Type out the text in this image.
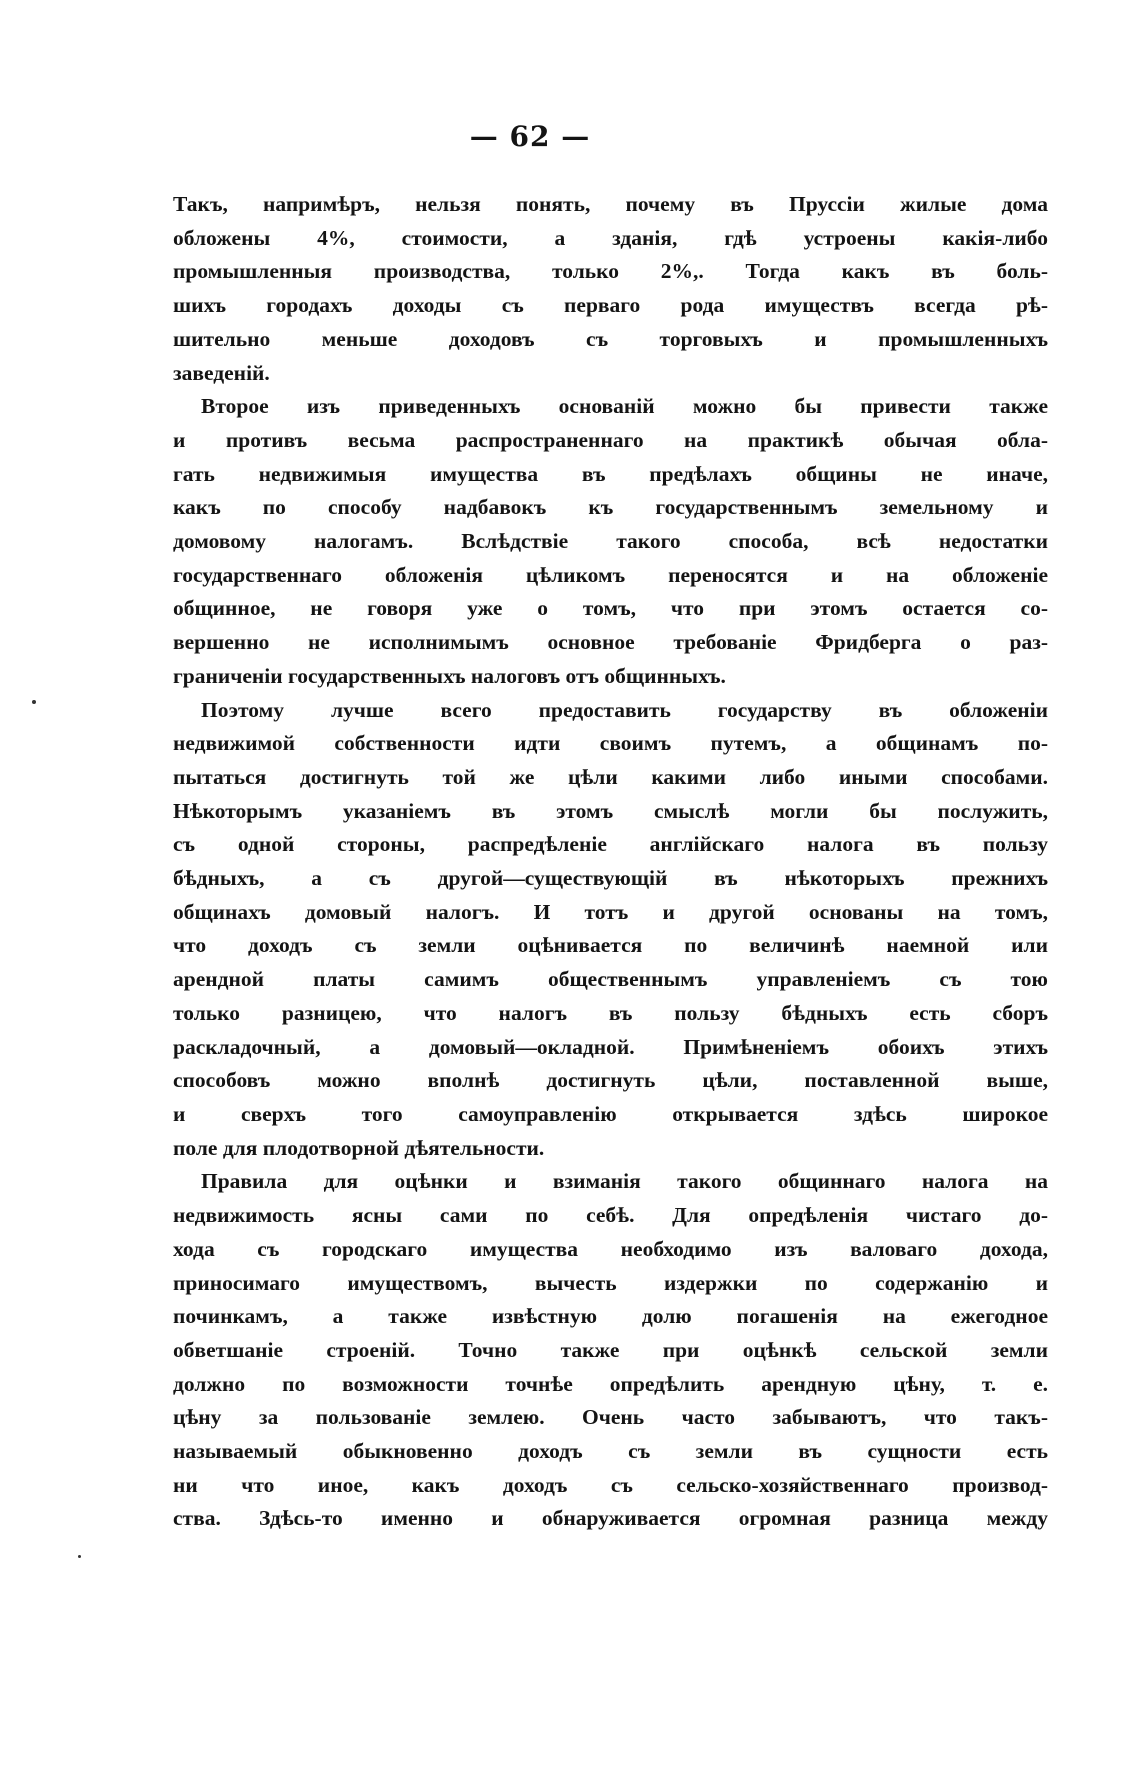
— 62 —
Такъ, напримѣръ, нельзя понять, почему въ Пруссіи жилые дома
обложены 4%, стоимости, а зданія, гдѣ устроены какія-либо
промышленныя производства, только 2%,. Тогда какъ въ боль-
шихъ городахъ доходы съ перваго рода имуществъ всегда рѣ-
шительно меньше доходовъ съ торговыхъ и промышленныхъ
заведеній.
Второе изъ приведенныхъ основаній можно бы привести также
и противъ весьма распространеннаго на практикѣ обычая обла-
гать недвижимыя имущества въ предѣлахъ общины не иначе,
какъ по способу надбавокъ къ государственнымъ земельному и
домовому налогамъ. Вслѣдствіе такого способа, всѣ недостатки
государственнаго обложенія цѣликомъ переносятся и на обложеніе
общинное, не говоря уже о томъ, что при этомъ остается со-
вершенно не исполнимымъ основное требованіе Фридберга о раз-
граниченіи государственныхъ налоговъ отъ общинныхъ.
Поэтому лучше всего предоставить государству въ обложеніи
недвижимой собственности идти своимъ путемъ, а общинамъ по-
пытаться достигнуть той же цѣли какими либо иными способами.
Нѣкоторымъ указаніемъ въ этомъ смыслѣ могли бы послужить,
съ одной стороны, распредѣленіе англійскаго налога въ пользу
бѣдныхъ, а съ другой—существующій въ нѣкоторыхъ прежнихъ
общинахъ домовый налогъ. И тотъ и другой основаны на томъ,
что доходъ съ земли оцѣнивается по величинѣ наемной или
арендной платы самимъ общественнымъ управленіемъ съ тою
только разницею, что налогъ въ пользу бѣдныхъ есть сборъ
раскладочный, а домовый—окладной. Примѣненіемъ обоихъ этихъ
способовъ можно вполнѣ достигнуть цѣли, поставленной выше,
и сверхъ того самоуправленію открывается здѣсь широкое
поле для плодотворной дѣятельности.
Правила для оцѣнки и взиманія такого общиннаго налога на
недвижимость ясны сами по себѣ. Для опредѣленія чистаго до-
хода съ городскаго имущества необходимо изъ валоваго дохода,
приносимаго имуществомъ, вычесть издержки по содержанію и
починкамъ, а также извѣстную долю погашенія на ежегодное
обветшаніе строеній. Точно также при оцѣнкѣ сельской земли
должно по возможности точнѣе опредѣлить арендную цѣну, т. е.
цѣну за пользованіе землею. Очень часто забываютъ, что такъ-
называемый обыкновенно доходъ съ земли въ сущности есть
ни что иное, какъ доходъ съ сельско-хозяйственнаго производ-
ства. Здѣсь-то именно и обнаруживается огромная разница между
